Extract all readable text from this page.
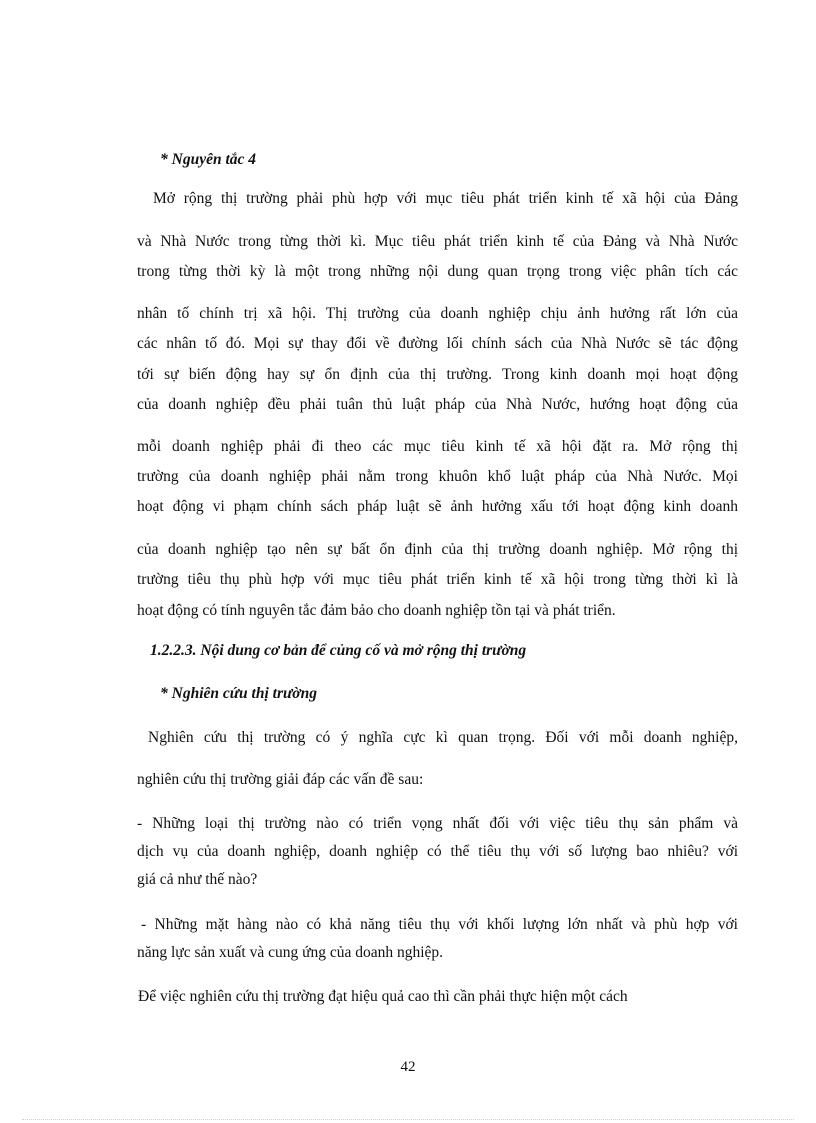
* Nguyên tắc 4

Mở rộng thị trường phải phù hợp với mục tiêu phát triển kinh tế xã hội của Đảng

và Nhà Nước trong từng thời kì. Mục tiêu phát triển kinh tế của Đảng và Nhà Nước

trong từng thời kỳ là một trong những nội dung quan trọng trong việc phân tích các

nhân tố chính trị xã hội. Thị trường của doanh nghiệp chịu ảnh hưởng rất lớn của

các nhân tố đó. Mọi sự thay đổi về đường lối chính sách của Nhà Nước sẽ tác động

tới sự biến động hay sự ổn định của thị trường. Trong kinh doanh mọi hoạt động

của doanh nghiệp đều phải tuân thủ luật pháp của Nhà Nước, hướng hoạt động của

mỗi doanh nghiệp phải đi theo các mục tiêu kinh tế xã hội đặt ra. Mở rộng thị

trường của doanh nghiệp phải nằm trong khuôn khổ luật pháp của Nhà Nước. Mọi

hoạt động vi phạm chính sách pháp luật sẽ ảnh hưởng xấu tới hoạt động kinh doanh

của doanh nghiệp tạo nên sự bất ổn định của thị trường doanh nghiệp. Mở rộng thị

trường tiêu thụ phù hợp với mục tiêu phát triển kinh tế xã hội trong từng thời kì là

hoạt động có tính nguyên tắc đảm bảo cho doanh nghiệp tồn tại và phát triển.

1.2.2.3. Nội dung cơ bản để củng cố và mở rộng thị trường

* Nghiên cứu thị trường

Nghiên cứu thị trường có ý nghĩa cực kì quan trọng. Đối với mỗi doanh nghiệp,

nghiên cứu thị trường giải đáp các vấn đề sau:

- Những loại thị trường nào có triển vọng nhất đối với việc tiêu thụ sản phẩm và

dịch vụ của doanh nghiệp, doanh nghiệp có thể tiêu thụ với số lượng bao nhiêu? với

giá cả như thế nào?

- Những mặt hàng nào có khả năng tiêu thụ với khối lượng lớn nhất và phù hợp với

năng lực sản xuất và cung ứng của doanh nghiệp.

Để việc nghiên cứu thị trường đạt hiệu quả cao thì cần phải thực hiện một cách

42
